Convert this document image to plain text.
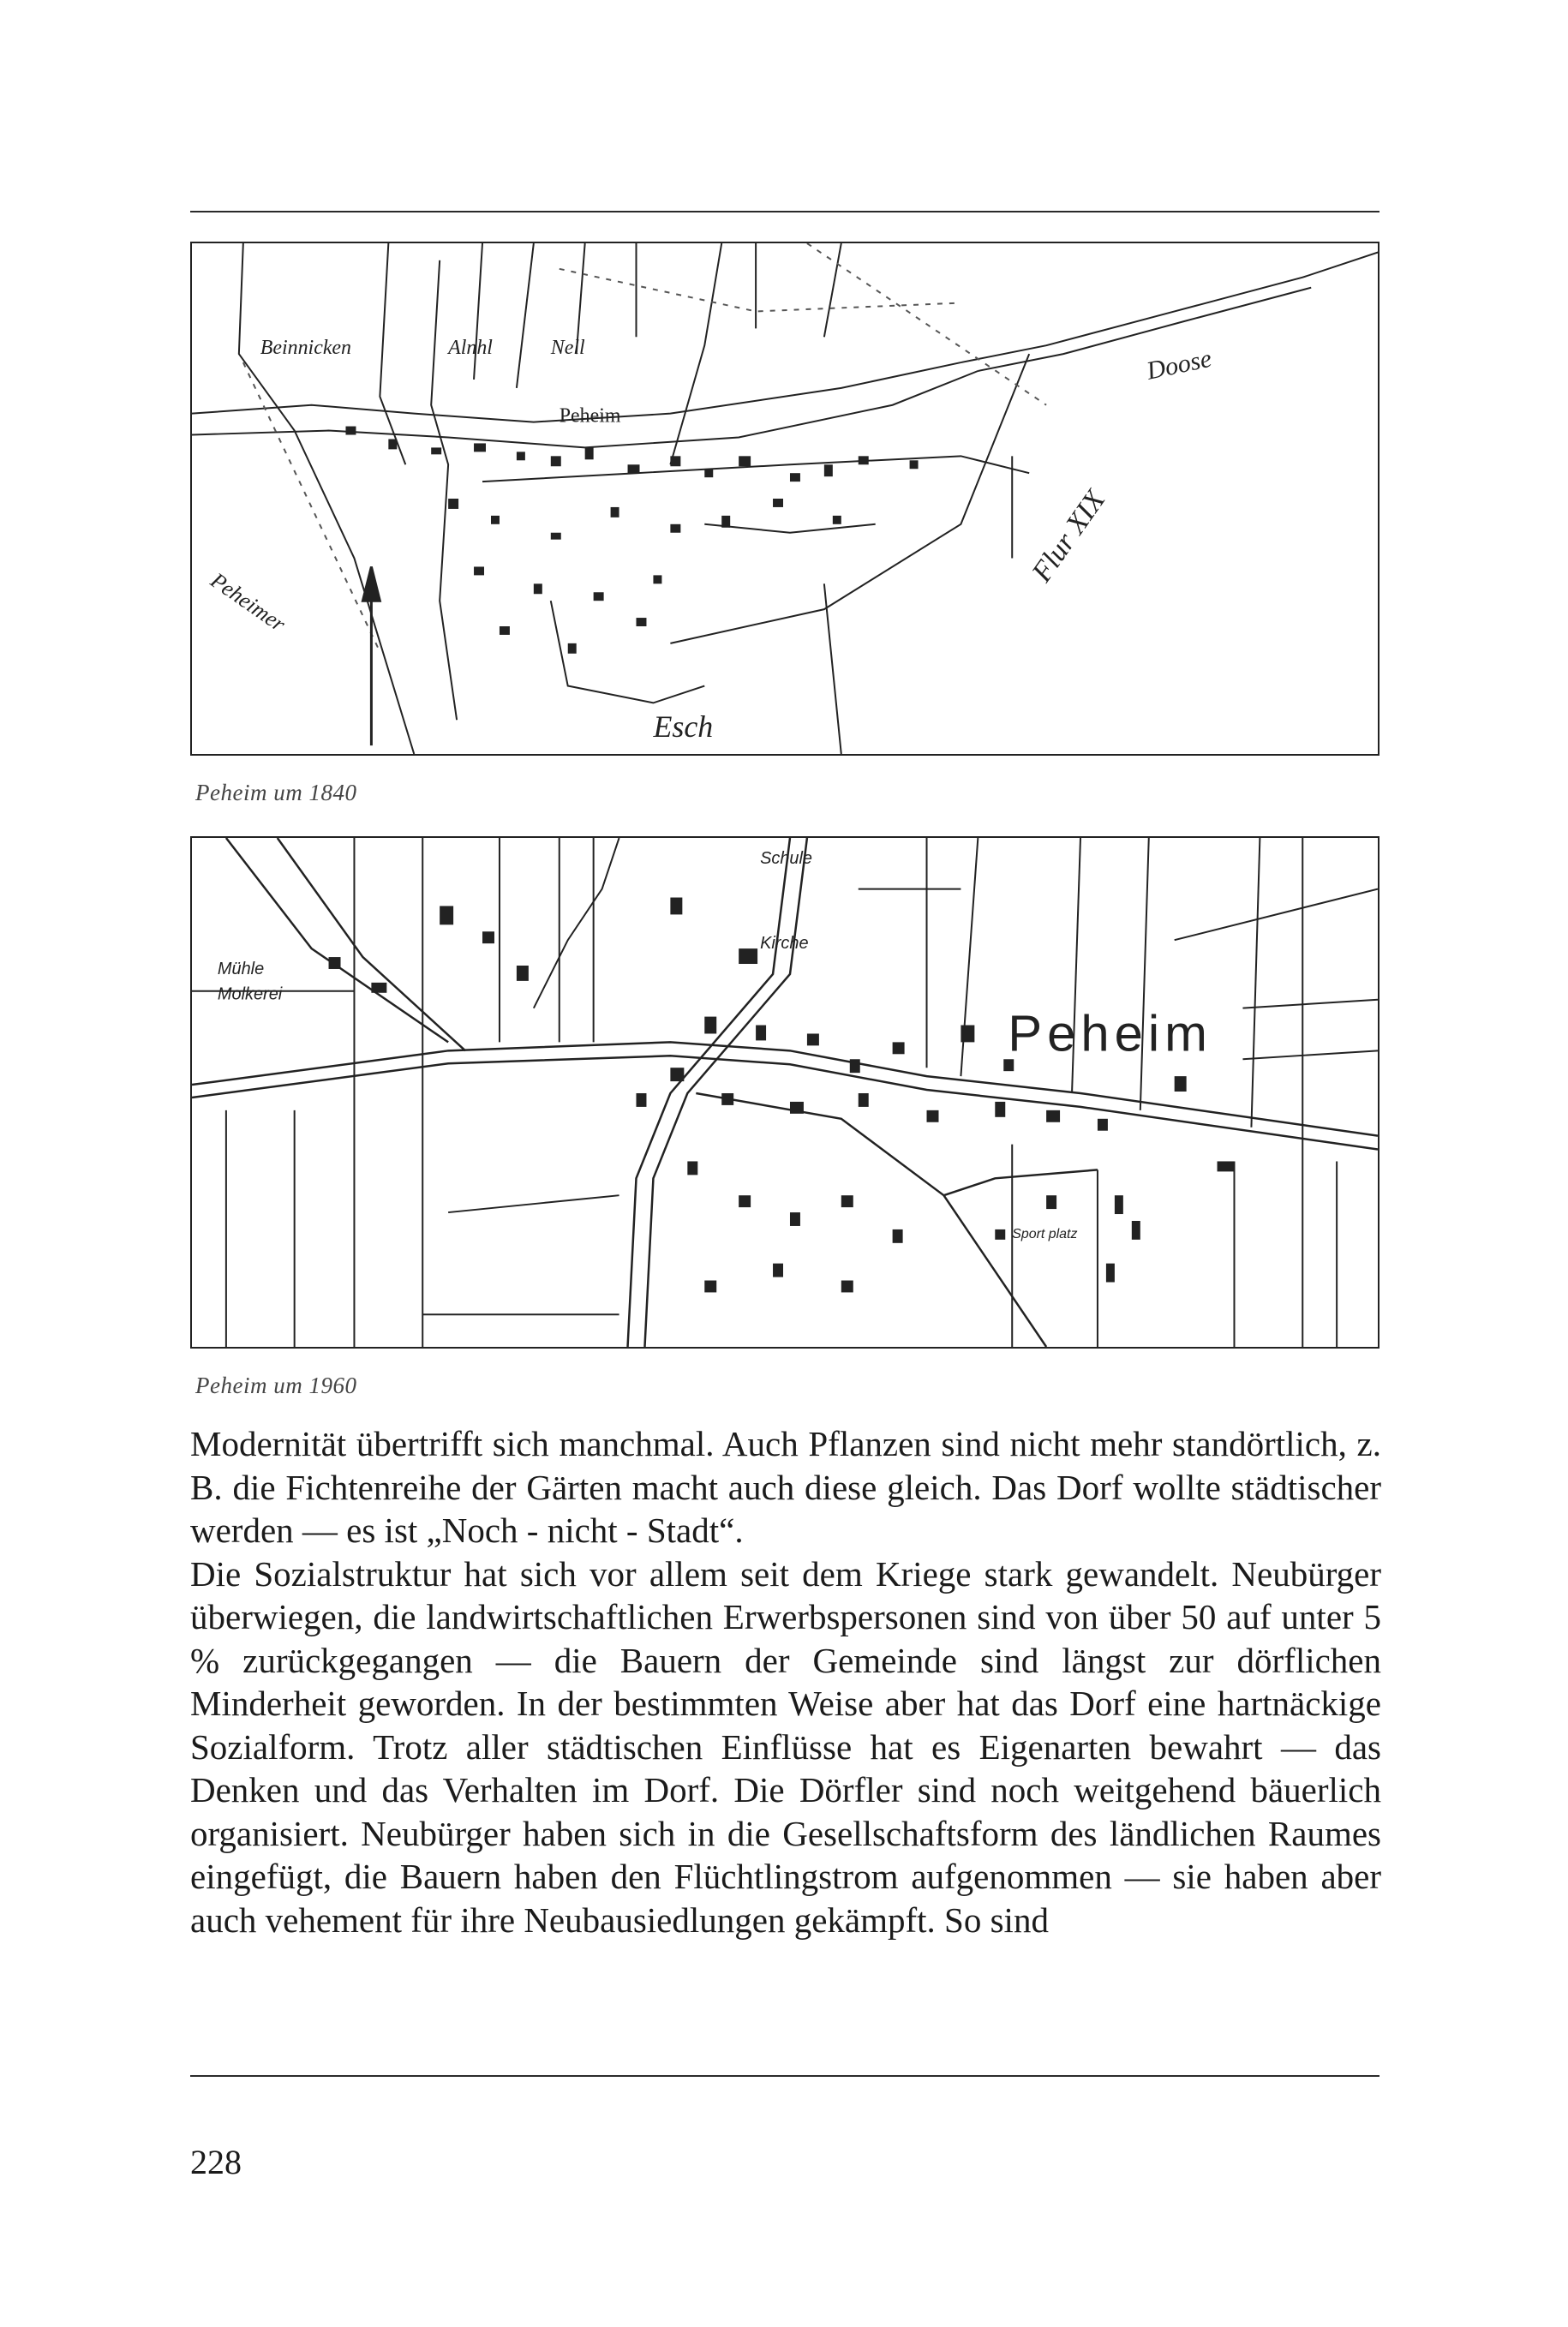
Beinnicken	Alnhl	Nell
Peheim
Doose
Flur XIX
Peheimer
Esch
Peheim um 1840
Peheim
Kirche
Schule
Mühle
Molkerei
Sport platz
Peheim um 1960

Modernität übertrifft sich manchmal. Auch Pflanzen sind nicht mehr standörtlich, z. B. die Fichtenreihe der Gärten macht auch diese gleich. Das Dorf wollte städtischer werden — es ist „Noch - nicht - Stadt“.

Die Sozialstruktur hat sich vor allem seit dem Kriege stark gewandelt. Neubürger überwiegen, die landwirtschaftlichen Erwerbspersonen sind von über 50 auf unter 5 % zurückgegangen — die Bauern der Gemeinde sind längst zur dörflichen Minderheit geworden. In der bestimmten Weise aber hat das Dorf eine hartnäckige Sozialform. Trotz aller städtischen Einflüsse hat es Eigenarten bewahrt — das Denken und das Verhalten im Dorf. Die Dörfler sind noch weitgehend bäuerlich organisiert. Neubürger haben sich in die Gesellschaftsform des ländlichen Raumes eingefügt, die Bauern haben den Flüchtlingstrom aufgenommen — sie haben aber auch vehement für ihre Neubausiedlungen gekämpft. So sind

228
